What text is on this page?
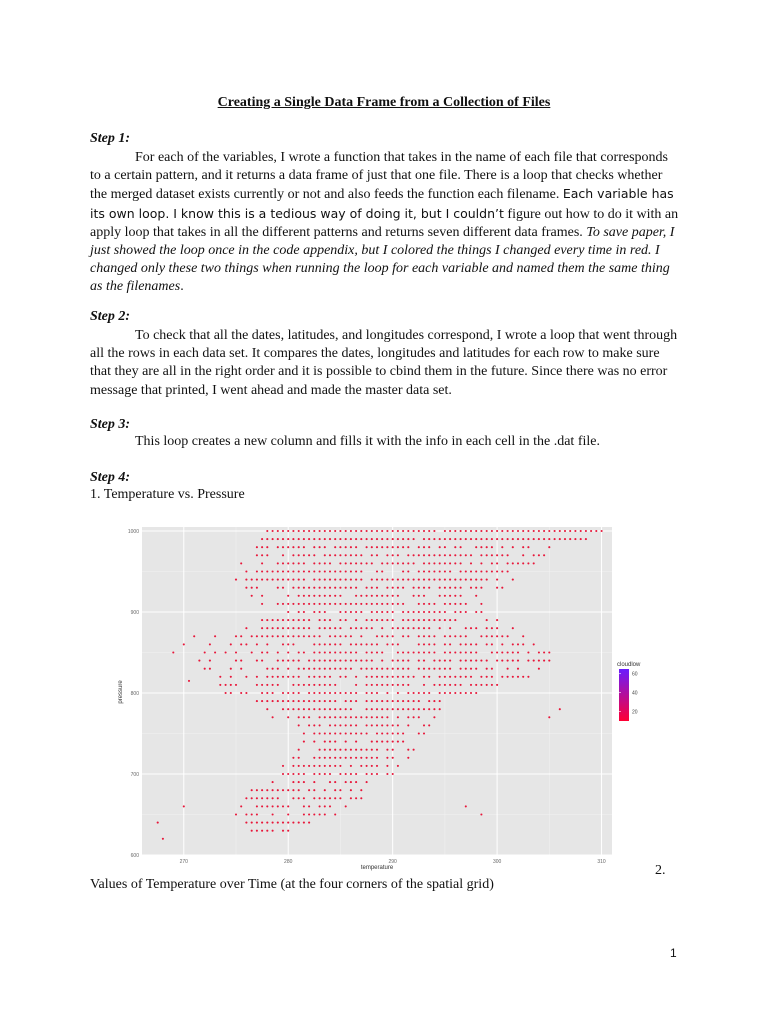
Creating a Single Data Frame from a Collection of Files
Step 1:
For each of the variables, I wrote a function that takes in the name of each file that corresponds to a certain pattern, and it returns a data frame of just that one file. There is a loop that checks whether the merged dataset exists currently or not and also feeds the function each filename. Each variable has its own loop. I know this is a tedious way of doing it, but I couldn’t figure out how to do it with an apply loop that takes in all the different patterns and returns seven different data frames. To save paper, I just showed the loop once in the code appendix, but I colored the things I changed every time in red. I changed only these two things when running the loop for each variable and named them the same thing as the filenames.
Step 2:
To check that all the dates, latitudes, and longitudes correspond, I wrote a loop that went through all the rows in each data set. It compares the dates, longitudes and latitudes for each row to make sure that they are all in the right order and it is possible to cbind them in the future. Since there was no error message that printed, I went ahead and made the master data set.
Step 3:
This loop creates a new column and fills it with the info in each cell in the .dat file.
Step 4:
1. Temperature vs. Pressure
270	280	290	300	310
1000
900
800
700
600
temperature
pressure
cloudlow
60
40
20
2.
Values of Temperature over Time (at the four corners of the spatial grid)
1
